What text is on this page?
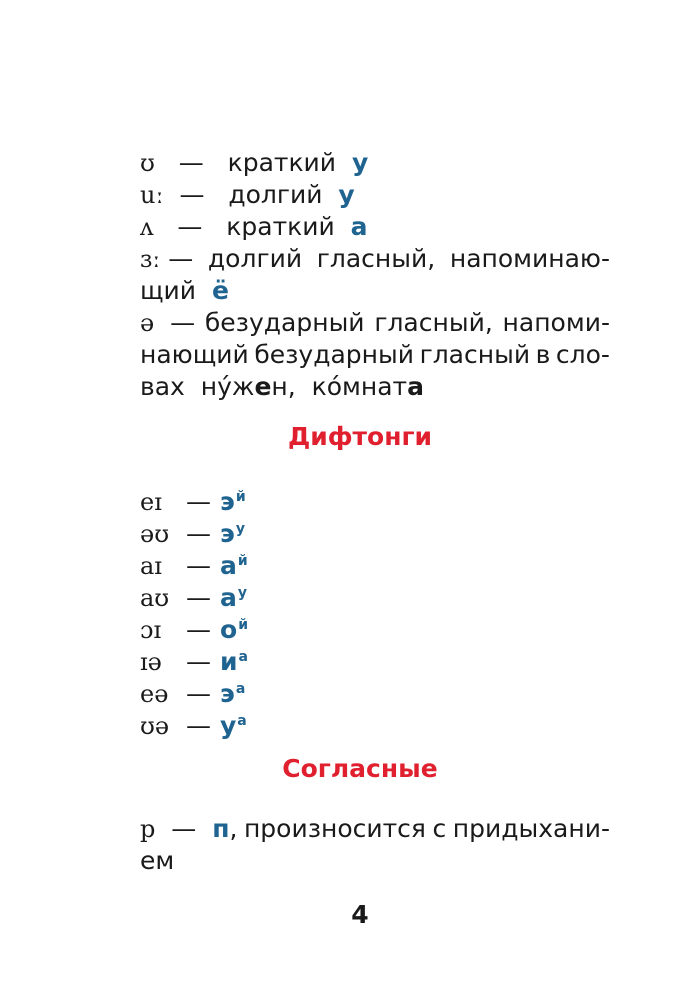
ʊ — краткий у
uː — долгий у
ʌ — краткий а
ɜː — долгий гласный, напоминаю-
щий ё
ə — безударный гласный, напоми-
нающий безударный гласный в сло-
вах ну́жен, ко́мната
Дифтонги
eɪ — $э^й$
əʊ — $э^у$
aɪ — $а^й$
aʊ — $а^у$
ɔɪ — $о^й$
ɪə — $и^а$
eə — $э^а$
ʊə — $у^а$
Согласные
p — п, произносится с придыхани-
ем
4
